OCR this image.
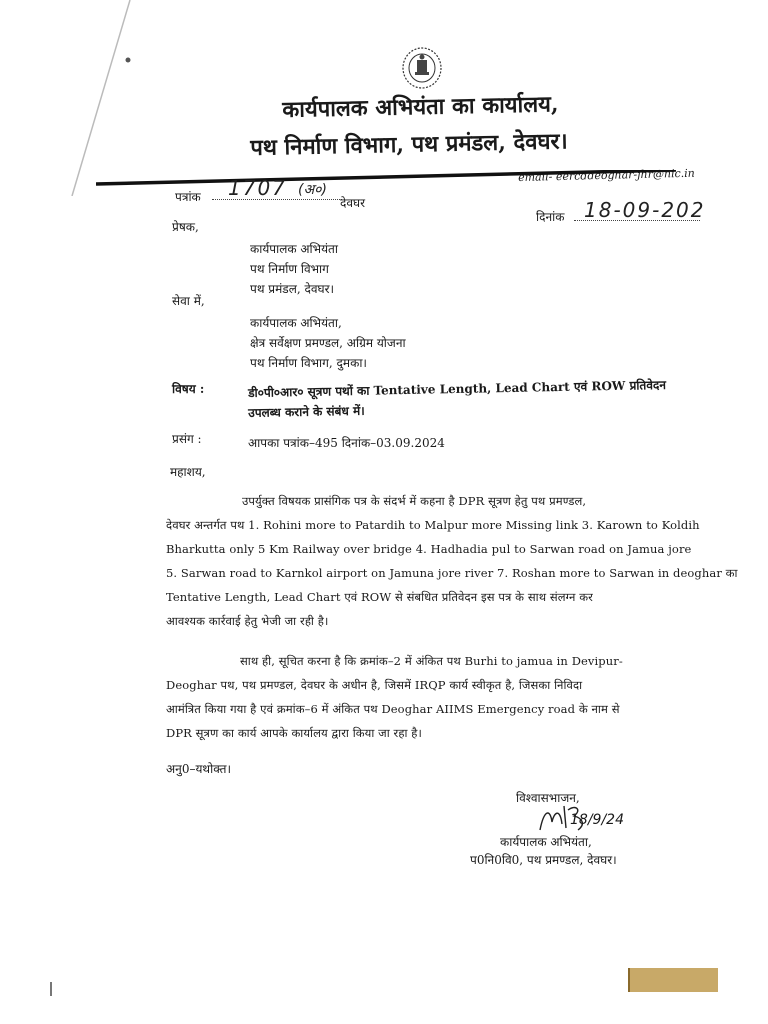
कार्यपालक अभियंता का कार्यालय,
पथ निर्माण विभाग, पथ प्रमंडल, देवघर।
email- eercddeoghar-jhr@nic.in
पत्रांक 1707 (अ०)
देवघर
दिनांक 18-09-202
प्रेषक,
कार्यपालक अभियंता
पथ निर्माण विभाग
पथ प्रमंडल, देवघर।
सेवा में,
कार्यपालक अभियंता,
क्षेत्र सर्वेक्षण प्रमण्डल, अग्रिम योजना
पथ निर्माण विभाग, दुमका।
विषय :	डी०पी०आर० सूत्रण पथों का Tentative Length, Lead Chart एवं ROW प्रतिवेदन
उपलब्ध कराने के संबंध में।
प्रसंग :	आपका पत्रांक–495 दिनांक–03.09.2024
महाशय,
उपर्युक्त विषयक प्रासंगिक पत्र के संदर्भ में कहना है DPR सूत्रण हेतु पथ प्रमण्डल,
देवघर अन्तर्गत पथ 1. Rohini more to Patardih to Malpur more Missing link 3. Karown to Koldih
Bharkutta only 5 Km Railway over bridge 4. Hadhadia pul to Sarwan road on Jamua jore
5. Sarwan road to Karnkol airport on Jamuna jore river 7. Roshan more to Sarwan in deoghar का
Tentative Length, Lead Chart एवं ROW से संबधित प्रतिवेदन इस पत्र के साथ संलग्न कर
आवश्यक कार्रवाई हेतु भेजी जा रही है।
साथ ही, सूचित करना है कि क्रमांक–2 में अंकित पथ Burhi to jamua in Devipur-
Deoghar पथ, पथ प्रमण्डल, देवघर के अधीन है, जिसमें IRQP कार्य स्वीकृत है, जिसका निविदा
आमंत्रित किया गया है एवं क्रमांक–6 में अंकित पथ Deoghar AIIMS Emergency road के नाम से
DPR सूत्रण का कार्य आपके कार्यालय द्वारा किया जा रहा है।
अनु0–यथोक्त।
विश्वासभाजन,
18/9/24
कार्यपालक अभियंता,
प0नि0वि0, पथ प्रमण्डल, देवघर।
